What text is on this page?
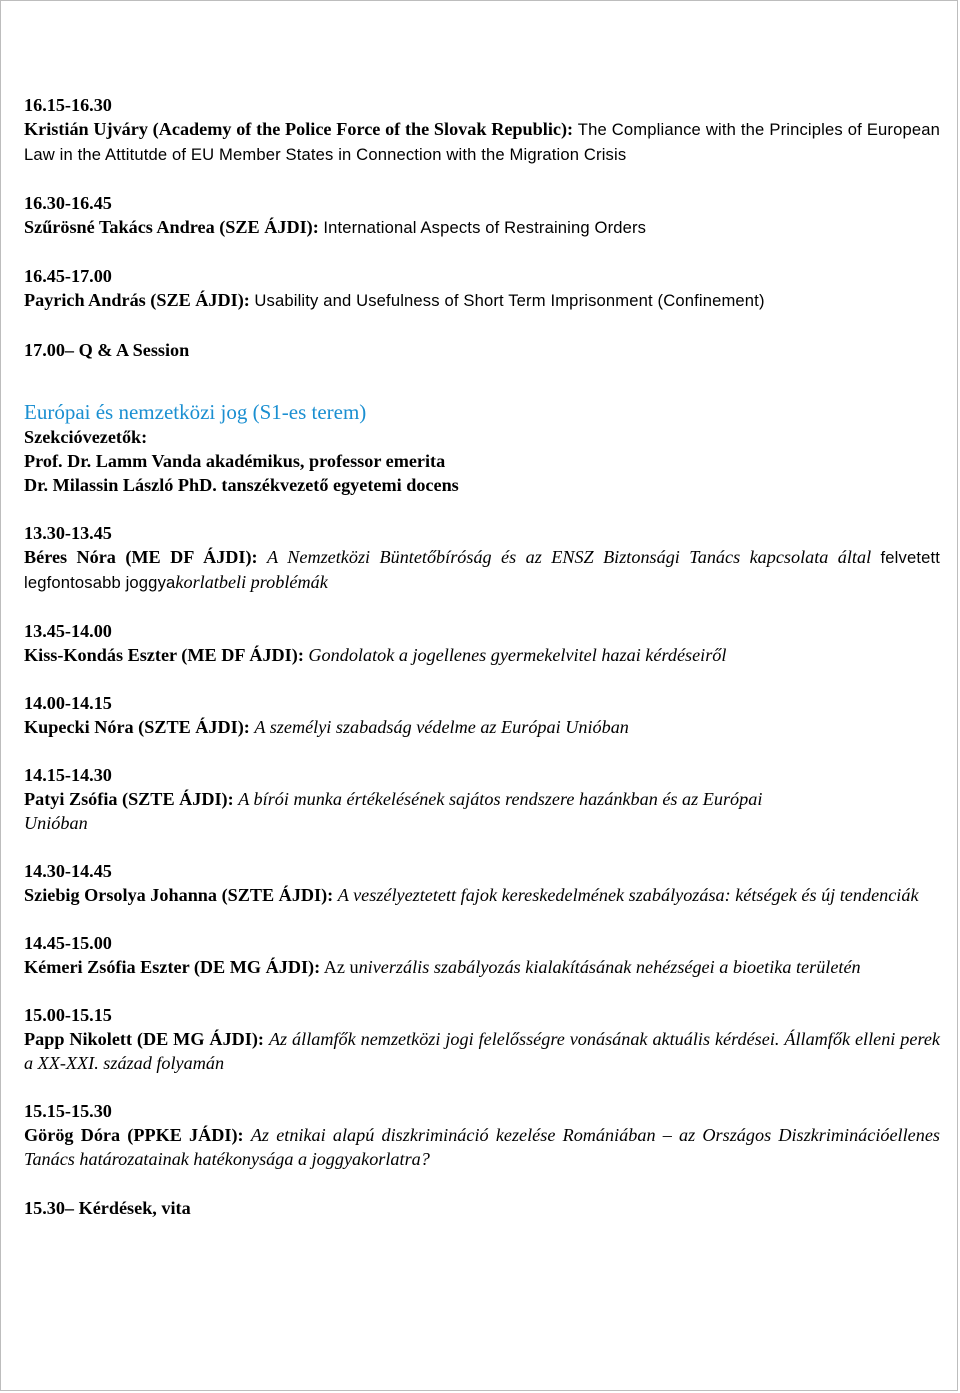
16.15-16.30
Kristián Ujváry (Academy of the Police Force of the Slovak Republic): The Compliance with the Principles of European Law in the Attitutde of EU Member States in Connection with the Migration Crisis
16.30-16.45
Szűrösné Takács Andrea (SZE ÁJDI): International Aspects of Restraining Orders
16.45-17.00
Payrich András (SZE ÁJDI): Usability and Usefulness of Short Term Imprisonment (Confinement)
17.00– Q & A Session
Európai és nemzetközi jog (S1-es terem)
Szekcióvezetők:
Prof. Dr. Lamm Vanda akadémikus, professor emerita
Dr. Milassin László PhD. tanszékvezető egyetemi docens
13.30-13.45
Béres Nóra (ME DF ÁJDI): A Nemzetközi Büntetőbíróság és az ENSZ Biztonsági Tanács kapcsolata által felvetett legfontosabb joggyakorlatbeli problémák
13.45-14.00
Kiss-Kondás Eszter (ME DF ÁJDI): Gondolatok a jogellenes gyermekelvitel hazai kérdéseiről
14.00-14.15
Kupecki Nóra (SZTE ÁJDI): A személyi szabadság védelme az Európai Unióban
14.15-14.30
Patyi Zsófia (SZTE ÁJDI): A bírói munka értékelésének sajátos rendszere hazánkban és az Európai Unióban
14.30-14.45
Sziebig Orsolya Johanna (SZTE ÁJDI): A veszélyeztetett fajok kereskedelmének szabályozása: kétségek és új tendenciák
14.45-15.00
Kémeri Zsófia Eszter (DE MG ÁJDI): Az univerzális szabályozás kialakításának nehézségei a bioetika területén
15.00-15.15
Papp Nikolett (DE MG ÁJDI): Az államfők nemzetközi jogi felelősségre vonásának aktuális kérdései. Államfők elleni perek a XX-XXI. század folyamán
15.15-15.30
Görög Dóra (PPKE JÁDI): Az etnikai alapú diszkrimináció kezelése Romániában – az Országos Diszkriminációellenes Tanács határozatainak hatékonysága a joggyakorlatra?
15.30– Kérdések, vita
